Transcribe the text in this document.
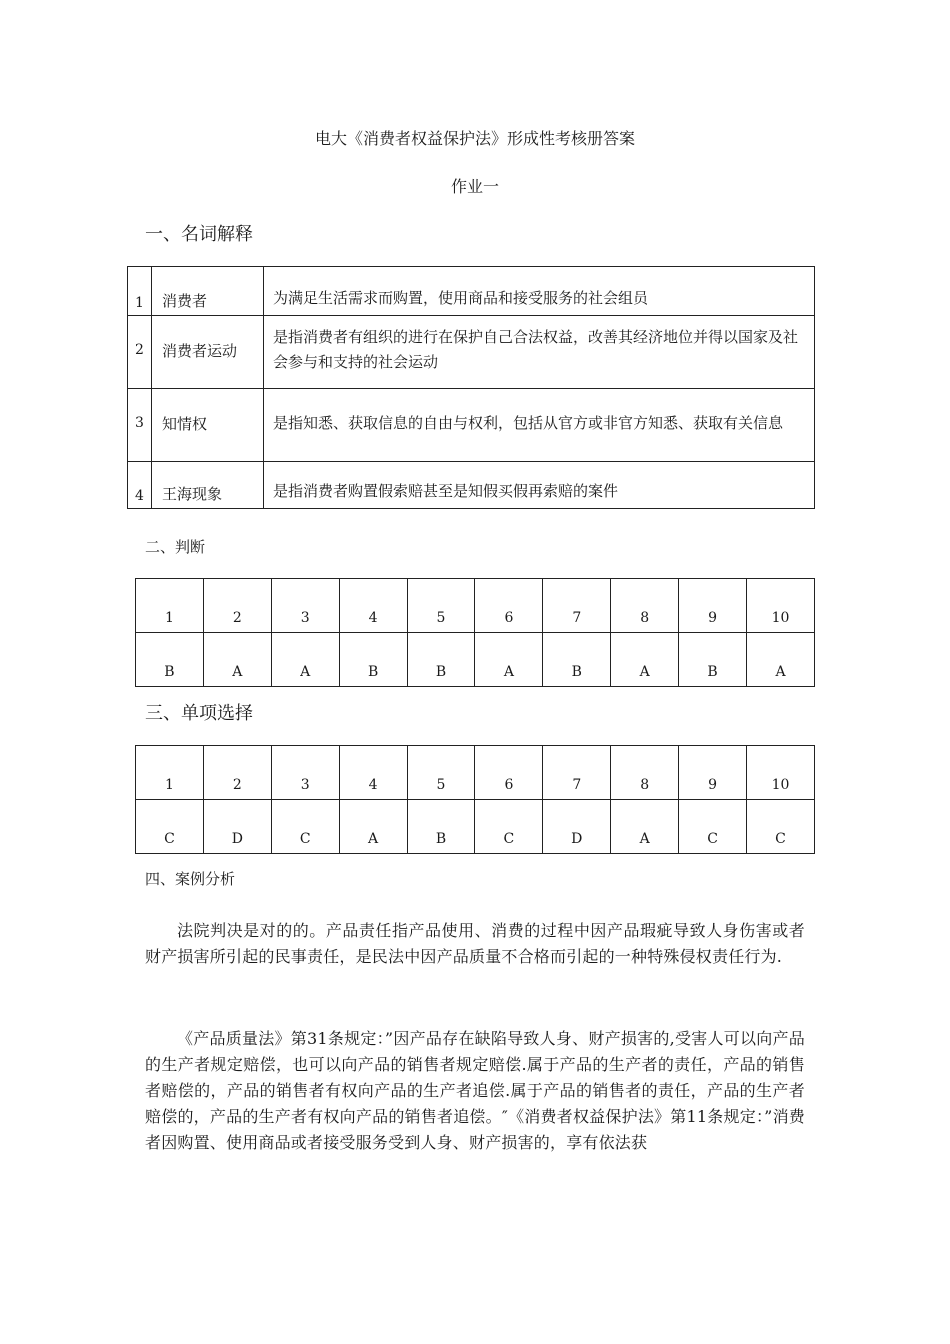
电大《消费者权益保护法》形成性考核册答案
作业一
一、名词解释
1	消费者	为满足生活需求而购置，使用商品和接受服务的社会组员
2	消费者运动	是指消费者有组织的进行在保护自己合法权益，改善其经济地位并得以国家及社会参与和支持的社会运动
3	知情权	是指知悉、获取信息的自由与权利，包括从官方或非官方知悉、获取有关信息
4	王海现象	是指消费者购置假索赔甚至是知假买假再索赔的案件
二、判断
1	2	3	4	5	6	7	8	9	10
B	A	A	B	B	A	B	A	B	A
三、单项选择
1	2	3	4	5	6	7	8	9	10
C	D	C	A	B	C	D	A	C	C
四、案例分析
法院判决是对的的。产品责任指产品使用、消费的过程中因产品瑕疵导致人身伤害或者财产损害所引起的民事责任，是民法中因产品质量不合格而引起的一种特殊侵权责任行为.
《产品质量法》第31条规定：”因产品存在缺陷导致人身、财产损害的,受害人可以向产品的生产者规定赔偿，也可以向产品的销售者规定赔偿.属于产品的生产者的责任，产品的销售者赔偿的，产品的销售者有权向产品的生产者追偿.属于产品的销售者的责任，产品的生产者赔偿的，产品的生产者有权向产品的销售者追偿。″《消费者权益保护法》第11条规定：”消费者因购置、使用商品或者接受服务受到人身、财产损害的，享有依法获
